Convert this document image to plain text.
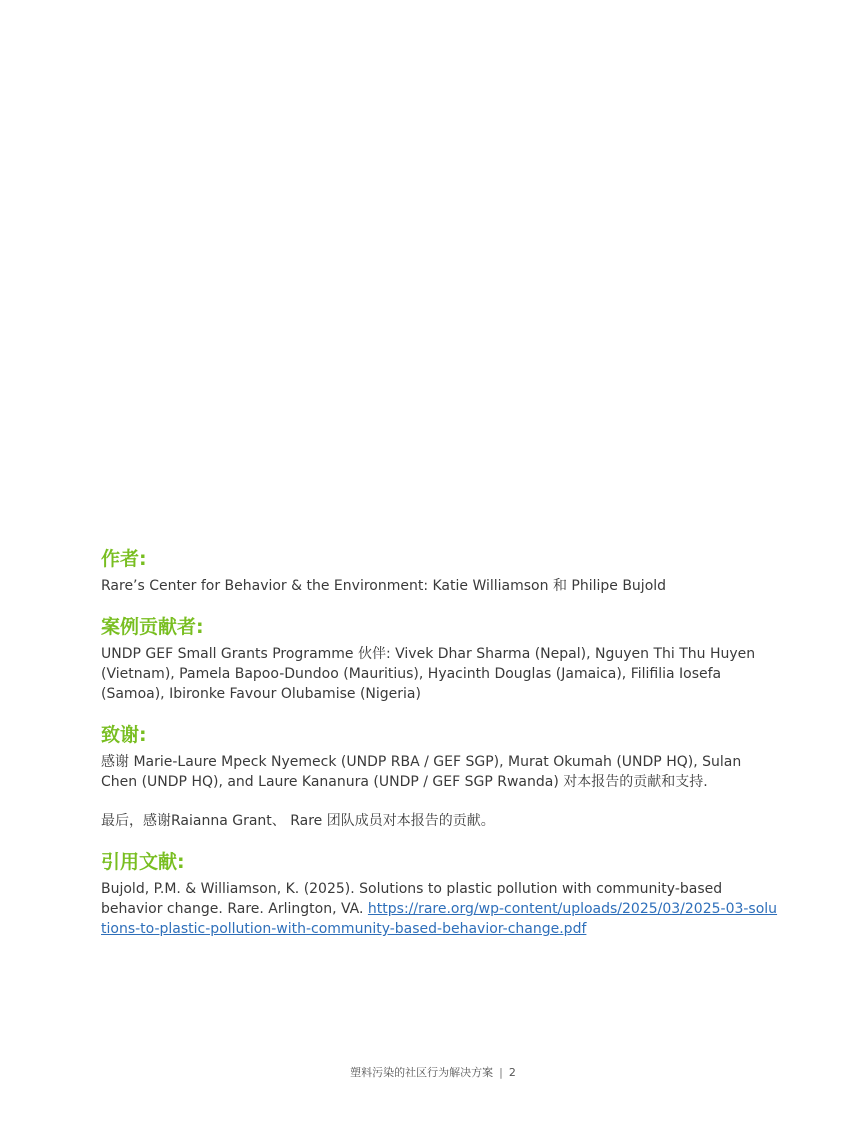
作者:

Rare’s Center for Behavior & the Environment: Katie Williamson 和 Philipe Bujold

案例贡献者:

UNDP GEF Small Grants Programme 伙伴: Vivek Dhar Sharma (Nepal), Nguyen Thi Thu Huyen (Vietnam), Pamela Bapoo-Dundoo (Mauritius), Hyacinth Douglas (Jamaica), Filifilia Iosefa (Samoa), Ibironke Favour Olubamise (Nigeria)

致谢:

感谢 Marie-Laure Mpeck Nyemeck (UNDP RBA / GEF SGP), Murat Okumah (UNDP HQ), Sulan Chen (UNDP HQ), and Laure Kananura (UNDP / GEF SGP Rwanda) 对本报告的贡献和支持.

最后，感谢Raianna Grant、 Rare 团队成员对本报告的贡献。

引用文献:

Bujold, P.M. & Williamson, K. (2025). Solutions to plastic pollution with community-based behavior change. Rare. Arlington, VA. https://rare.org/wp-content/uploads/2025/03/2025-03-solutions-to-plastic-pollution-with-community-based-behavior-change.pdf

塑料污染的社区行为解决方案 | 2
